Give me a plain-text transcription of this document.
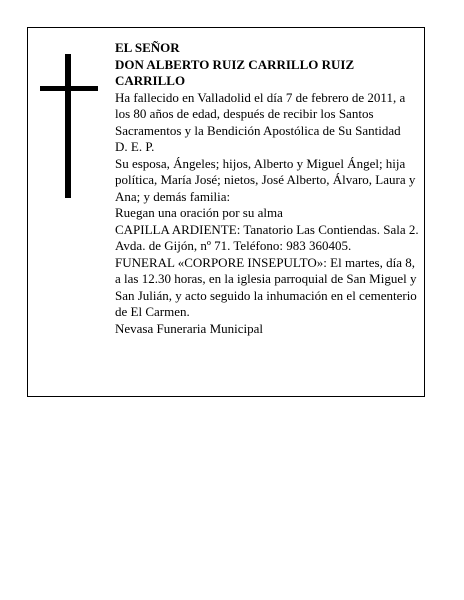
EL SEÑOR

DON ALBERTO RUIZ CARRILLO RUIZ CARRILLO

Ha fallecido en Valladolid el día 7 de febrero de 2011, a los 80 años de edad, después de recibir los Santos Sacramentos y la Bendición Apostólica de Su Santidad

D. E. P.

Su esposa, Ángeles; hijos, Alberto y Miguel Ángel; hija política, María José; nietos, José Alberto, Álvaro, Laura y Ana; y demás familia:

Ruegan una oración por su alma

CAPILLA ARDIENTE: Tanatorio Las Contiendas. Sala 2. Avda. de Gijón, nº 71. Teléfono: 983 360405.

FUNERAL «CORPORE INSEPULTO»: El martes, día 8, a las 12.30 horas, en la iglesia parroquial de San Miguel y San Julián, y acto seguido la inhumación en el cementerio de El Carmen.

Nevasa Funeraria Municipal
